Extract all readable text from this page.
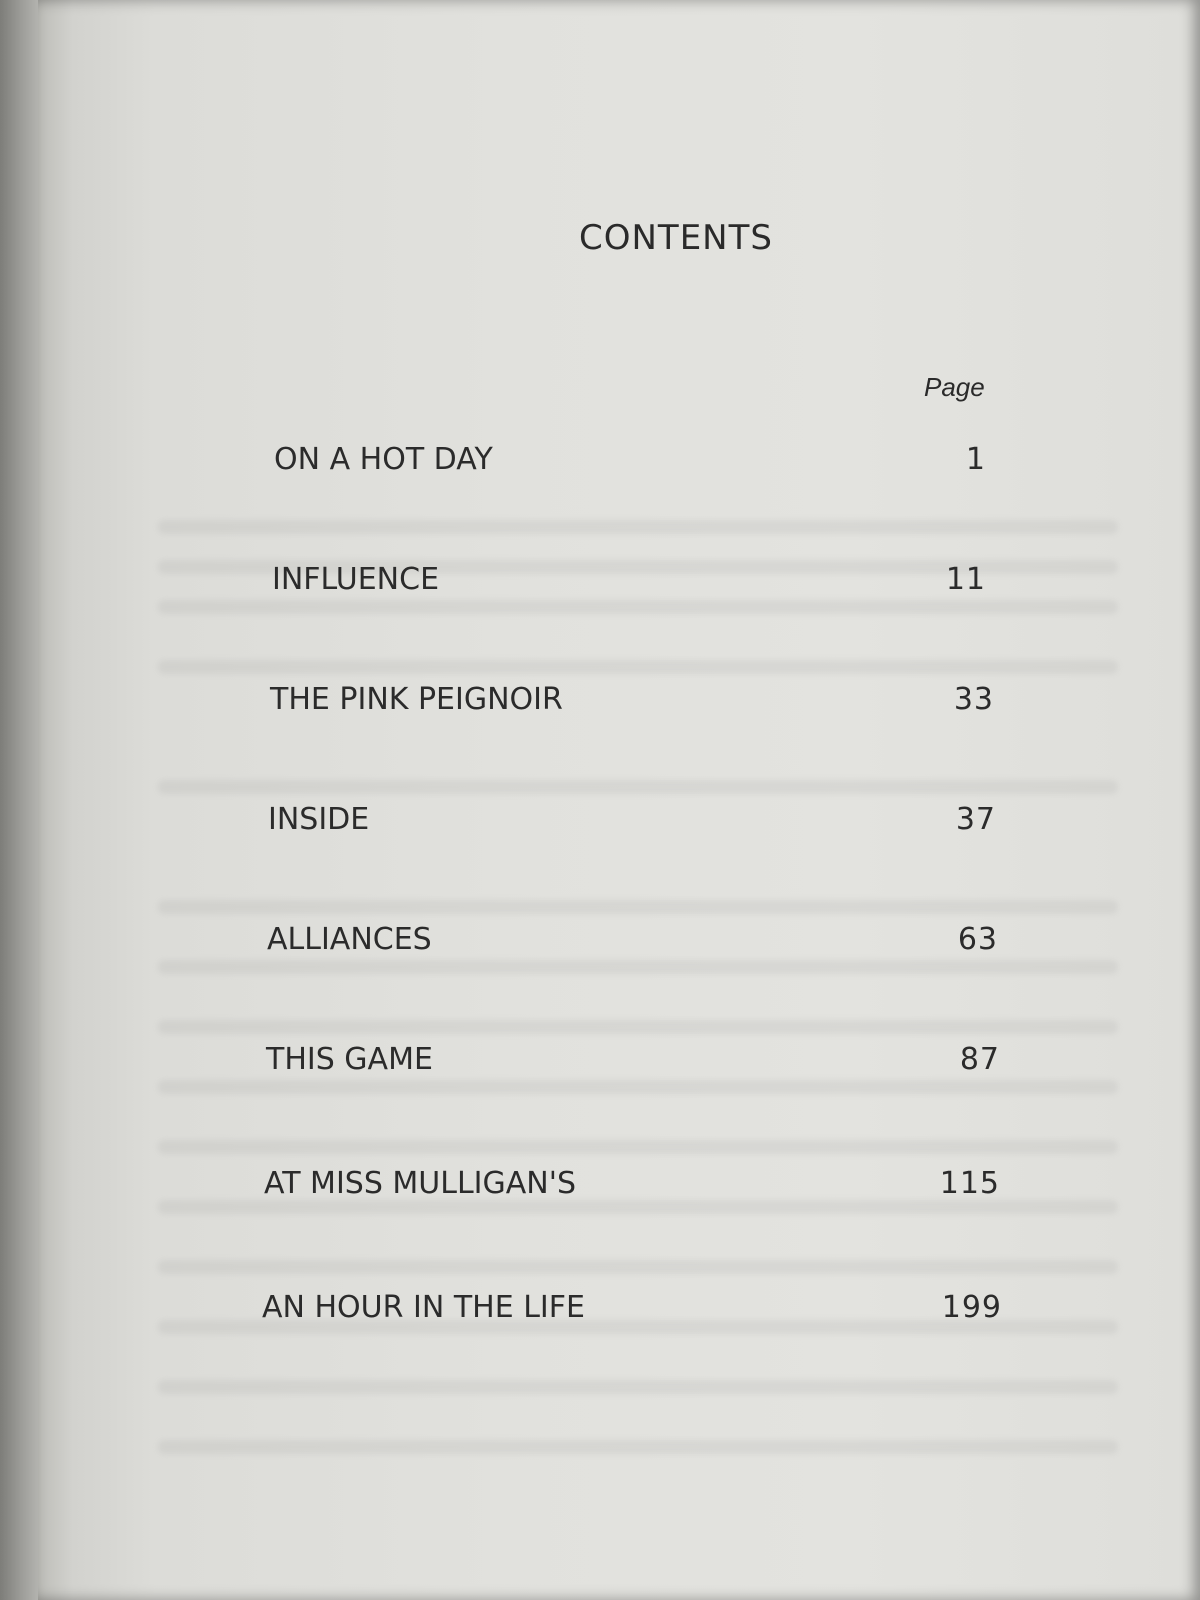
CONTENTS
Page
ON A HOT DAY	1
INFLUENCE	11
THE PINK PEIGNOIR	33
INSIDE	37
ALLIANCES	63
THIS GAME	87
AT MISS MULLIGAN'S	115
AN HOUR IN THE LIFE	199
